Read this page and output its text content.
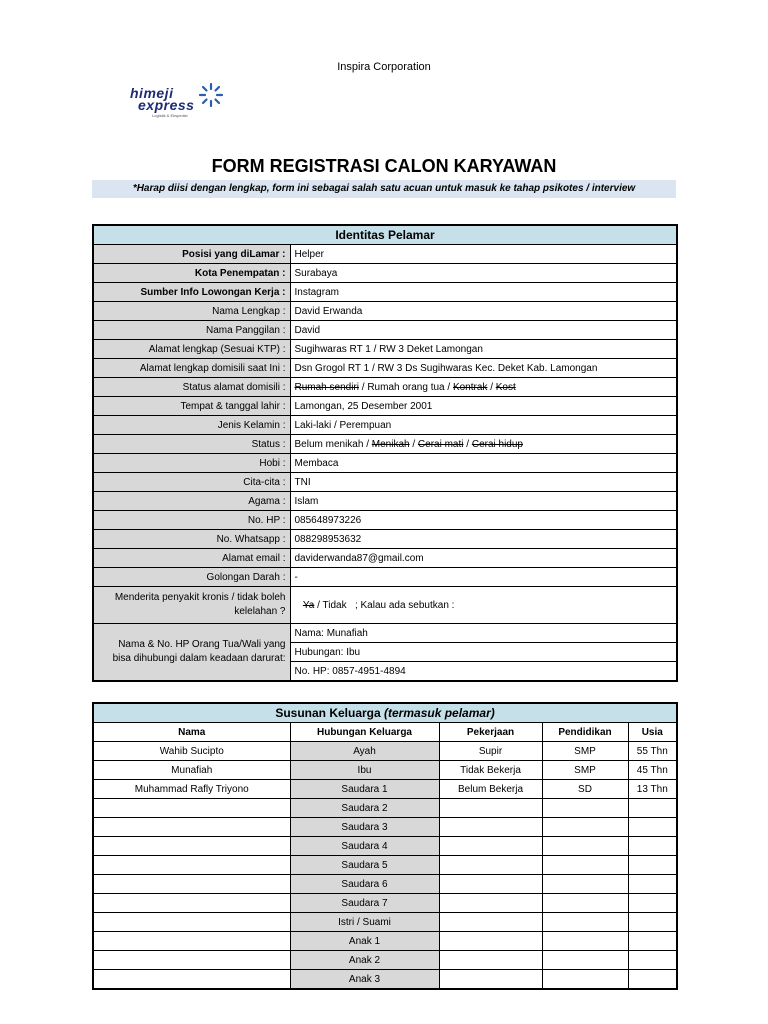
Inspira Corporation
himeji
express
Logistik & Ekspedisi
FORM REGISTRASI CALON KARYAWAN
*Harap diisi dengan lengkap, form ini sebagai salah satu acuan untuk masuk ke tahap psikotes / interview
Identitas Pelamar	
Posisi yang diLamar :	Helper
Kota Penempatan :	Surabaya
Sumber Info Lowongan Kerja :	Instagram
Nama Lengkap :	David Erwanda
Nama Panggilan :	David
Alamat lengkap (Sesuai KTP) :	Sugihwaras RT 1 / RW 3 Deket Lamongan
Alamat lengkap domisili saat Ini :	Dsn Grogol RT 1 / RW 3 Ds Sugihwaras Kec. Deket Kab. Lamongan
Status alamat domisili :	Rumah sendiri / Rumah orang tua / Kontrak / Kost
Tempat & tanggal lahir :	Lamongan, 25 Desember 2001
Jenis Kelamin :	Laki-laki / Perempuan
Status :	Belum menikah / Menikah / Cerai mati / Cerai hidup
Hobi :	Membaca
Cita-cita :	TNI
Agama :	Islam
No. HP :	085648973226
No. Whatsapp :	088298953632
Alamat email :	daviderwanda87@gmail.com
Golongan Darah :	-
Menderita penyakit kronis / tidak boleh kelelahan ?	Ya / Tidak ; Kalau ada sebutkan :
Nama & No. HP Orang Tua/Wali yang bisa dihubungi dalam keadaan darurat:	Nama: Munafiah
	Hubungan: Ibu
	No. HP: 0857-4951-4894
Susunan Keluarga (termasuk pelamar)				
Nama	Hubungan Keluarga	Pekerjaan	Pendidikan	Usia
Wahib Sucipto	Ayah	Supir	SMP	55 Thn
Munafiah	Ibu	Tidak Bekerja	SMP	45 Thn
Muhammad Rafly Triyono	Saudara 1	Belum Bekerja	SD	13 Thn
	Saudara 2			
	Saudara 3			
	Saudara 4			
	Saudara 5			
	Saudara 6			
	Saudara 7			
	Istri / Suami			
	Anak 1			
	Anak 2			
	Anak 3			
